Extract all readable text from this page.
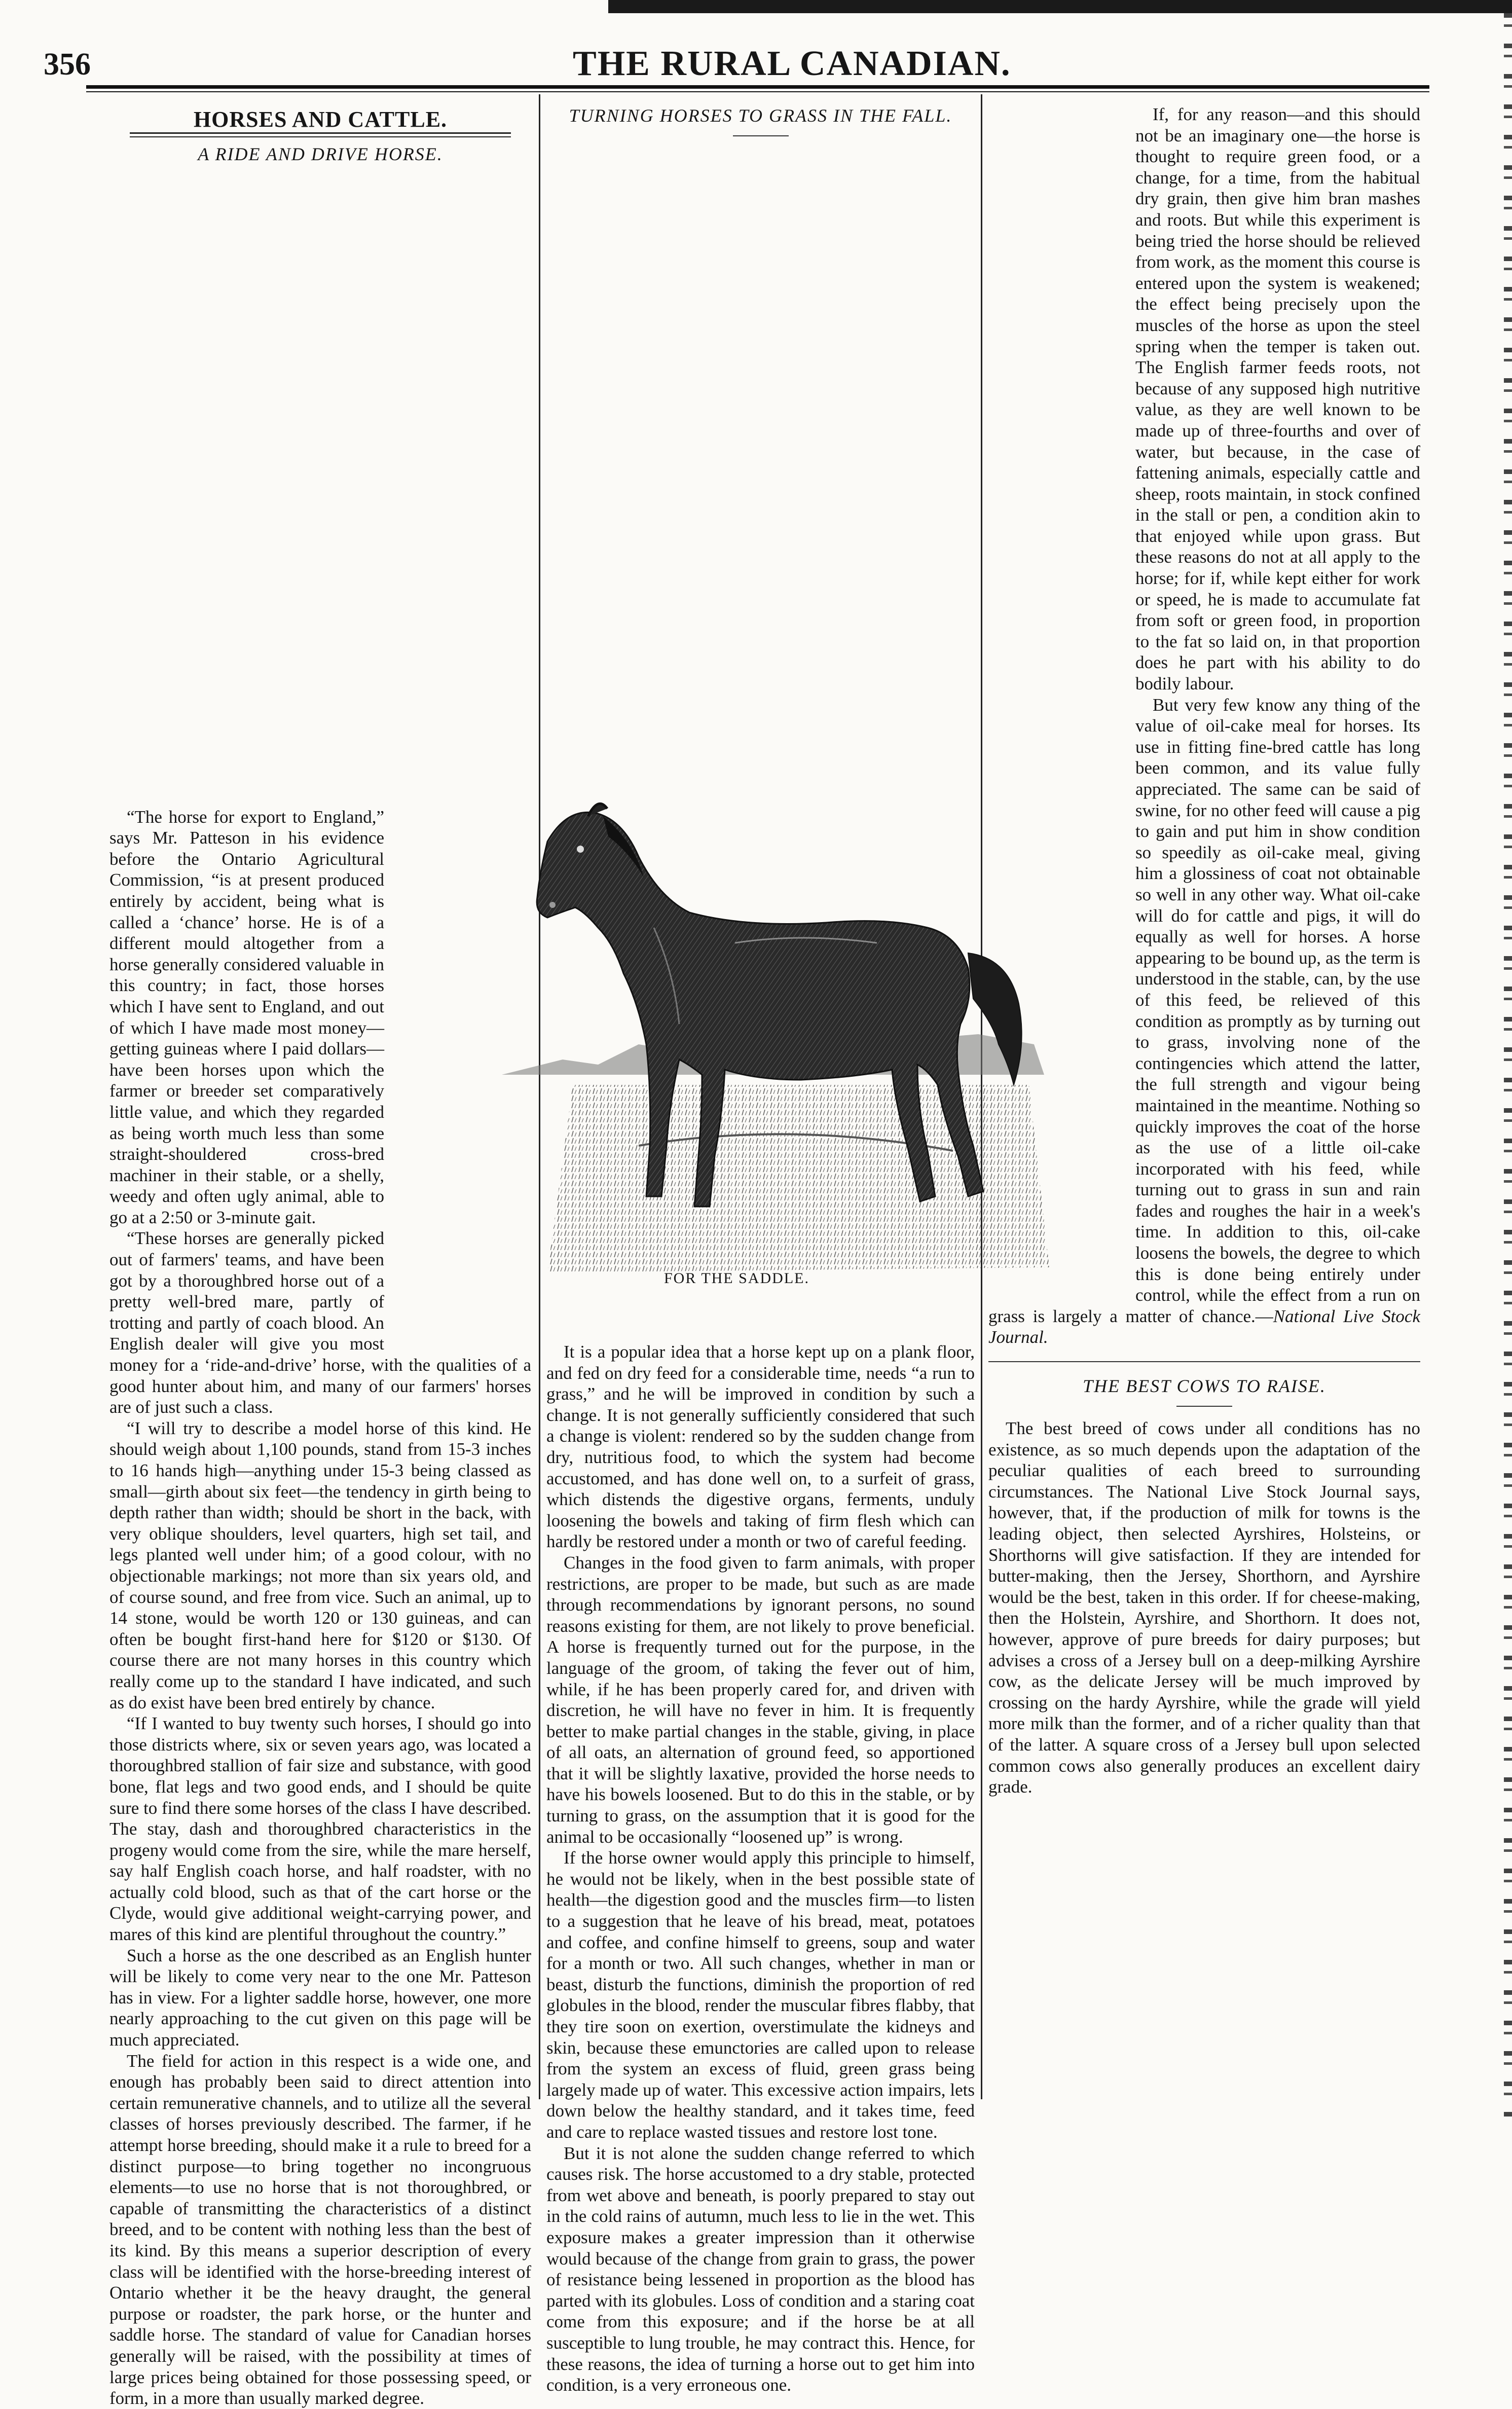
356	THE RURAL CANADIAN.
HORSES AND CATTLE.
A RIDE AND DRIVE HORSE.

“The horse for export to England,” says Mr. Patteson in his evidence before the Ontario Agricultural Commission, “is at present produced entirely by accident, being what is called a ‘chance’ horse. He is of a different mould altogether from a horse generally considered valuable in this country; in fact, those horses which I have sent to England, and out of which I have made most money—getting guineas where I paid dollars—have been horses upon which the farmer or breeder set comparatively little value, and which they regarded as being worth much less than some straight-shouldered cross-bred machiner in their stable, or a shelly, weedy and often ugly animal, able to go at a 2:50 or 3-minute gait.

“These horses are generally picked out of farmers' teams, and have been got by a thoroughbred horse out of a pretty well-bred mare, partly of trotting and partly of coach blood. An English dealer will give you most money for a ‘ride-and-drive’ horse, with the qualities of a good hunter about him, and many of our farmers' horses are of just such a class.

“I will try to describe a model horse of this kind. He should weigh about 1,100 pounds, stand from 15-3 inches to 16 hands high—anything under 15-3 being classed as small—girth about six feet—the tendency in girth being to depth rather than width; should be short in the back, with very oblique shoulders, level quarters, high set tail, and legs planted well under him; of a good colour, with no objectionable markings; not more than six years old, and of course sound, and free from vice. Such an animal, up to 14 stone, would be worth 120 or 130 guineas, and can often be bought first-hand here for $120 or $130. Of course there are not many horses in this country which really come up to the standard I have indicated, and such as do exist have been bred entirely by chance.

“If I wanted to buy twenty such horses, I should go into those districts where, six or seven years ago, was located a thoroughbred stallion of fair size and substance, with good bone, flat legs and two good ends, and I should be quite sure to find there some horses of the class I have described. The stay, dash and thoroughbred characteristics in the progeny would come from the sire, while the mare herself, say half English coach horse, and half roadster, with no actually cold blood, such as that of the cart horse or the Clyde, would give additional weight-carrying power, and mares of this kind are plentiful throughout the country.”

Such a horse as the one described as an English hunter will be likely to come very near to the one Mr. Patteson has in view. For a lighter saddle horse, however, one more nearly approaching to the cut given on this page will be much appreciated.

The field for action in this respect is a wide one, and enough has probably been said to direct attention into certain remunerative channels, and to utilize all the several classes of horses previously described. The farmer, if he attempt horse breeding, should make it a rule to breed for a distinct purpose—to bring together no incongruous elements—to use no horse that is not thoroughbred, or capable of transmitting the characteristics of a distinct breed, and to be content with nothing less than the best of its kind. By this means a superior description of every class will be identified with the horse-breeding interest of Ontario whether it be the heavy draught, the general purpose or roadster, the park horse, or the hunter and saddle horse. The standard of value for Canadian horses generally will be raised, with the possibility at times of large prices being obtained for those possessing speed, or form, in a more than usually marked degree.

TURNING HORSES TO GRASS IN THE FALL.

It is a popular idea that a horse kept up on a plank floor, and fed on dry feed for a considerable time, needs “a run to grass,” and he will be improved in condition by such a change. It is not generally sufficiently considered that such a change is violent: rendered so by the sudden change from dry, nutritious food, to which the system had become accustomed, and has done well on, to a surfeit of grass, which distends the digestive organs, ferments, unduly loosening the bowels and taking of firm flesh which can hardly be restored under a month or two of careful feeding.

Changes in the food given to farm animals, with proper restrictions, are proper to be made, but such as are made through recommendations by ignorant persons, no sound reasons existing for them, are not likely to prove beneficial. A horse is frequently turned out for the purpose, in the language of the groom, of taking the fever out of him, while, if he has been properly cared for, and driven with discretion, he will have no fever in him. It is frequently better to make partial changes in the stable, giving, in place of all oats, an alternation of ground feed, so apportioned that it will be slightly laxative, provided the horse needs to have his bowels loosened. But to do this in the stable, or by turning to grass, on the assumption that it is good for the animal to be occasionally “loosened up” is wrong.

If the horse owner would apply this principle to himself, he would not be likely, when in the best possible state of health—the digestion good and the muscles firm—to listen to a suggestion that he leave of his bread, meat, potatoes and coffee, and confine himself to greens, soup and water for a month or two. All such changes, whether in man or beast, disturb the functions, diminish the proportion of red globules in the blood, render the muscular fibres flabby, that they tire soon on exertion, overstimulate the kidneys and skin, because these emunctories are called upon to release from the system an excess of fluid, green grass being largely made up of water. This excessive action impairs, lets down below the healthy standard, and it takes time, feed and care to replace wasted tissues and restore lost tone.

But it is not alone the sudden change referred to which causes risk. The horse accustomed to a dry stable, protected from wet above and beneath, is poorly prepared to stay out in the cold rains of autumn, much less to lie in the wet. This exposure makes a greater impression than it otherwise would because of the change from grain to grass, the power of resistance being lessened in proportion as the blood has parted with its globules. Loss of condition and a staring coat come from this exposure; and if the horse be at all susceptible to lung trouble, he may contract this. Hence, for these reasons, the idea of turning a horse out to get him into condition, is a very erroneous one.

If, for any reason—and this should not be an imaginary one—the horse is thought to require green food, or a change, for a time, from the habitual dry grain, then give him bran mashes and roots. But while this experiment is being tried the horse should be relieved from work, as the moment this course is entered upon the system is weakened; the effect being precisely upon the muscles of the horse as upon the steel spring when the temper is taken out. The English farmer feeds roots, not because of any supposed high nutritive value, as they are well known to be made up of three-fourths and over of water, but because, in the case of fattening animals, especially cattle and sheep, roots maintain, in stock confined in the stall or pen, a condition akin to that enjoyed while upon grass. But these reasons do not at all apply to the horse; for if, while kept either for work or speed, he is made to accumulate fat from soft or green food, in proportion to the fat so laid on, in that proportion does he part with his ability to do bodily labour.

But very few know any thing of the value of oil-cake meal for horses. Its use in fitting fine-bred cattle has long been common, and its value fully appreciated. The same can be said of swine, for no other feed will cause a pig to gain and put him in show condition so speedily as oil-cake meal, giving him a glossiness of coat not obtainable so well in any other way. What oil-cake will do for cattle and pigs, it will do equally as well for horses. A horse appearing to be bound up, as the term is understood in the stable, can, by the use of this feed, be relieved of this condition as promptly as by turning out to grass, involving none of the contingencies which attend the latter, the full strength and vigour being maintained in the meantime. Nothing so quickly improves the coat of the horse as the use of a little oil-cake incorporated with his feed, while turning out to grass in sun and rain fades and roughes the hair in a week's time. In addition to this, oil-cake loosens the bowels, the degree to which this is done being entirely under control, while the effect from a run on grass is largely a matter of chance.—National Live Stock Journal.

THE BEST COWS TO RAISE.

The best breed of cows under all conditions has no existence, as so much depends upon the adaptation of the peculiar qualities of each breed to surrounding circumstances. The National Live Stock Journal says, however, that, if the production of milk for towns is the leading object, then selected Ayrshires, Holsteins, or Shorthorns will give satisfaction. If they are intended for butter-making, then the Jersey, Shorthorn, and Ayrshire would be the best, taken in this order. If for cheese-making, then the Holstein, Ayrshire, and Shorthorn. It does not, however, approve of pure breeds for dairy purposes; but advises a cross of a Jersey bull on a deep-milking Ayrshire cow, as the delicate Jersey will be much improved by crossing on the hardy Ayrshire, while the grade will yield more milk than the former, and of a richer quality than that of the latter. A square cross of a Jersey bull upon selected common cows also generally produces an excellent dairy grade.

FOR THE SADDLE.
